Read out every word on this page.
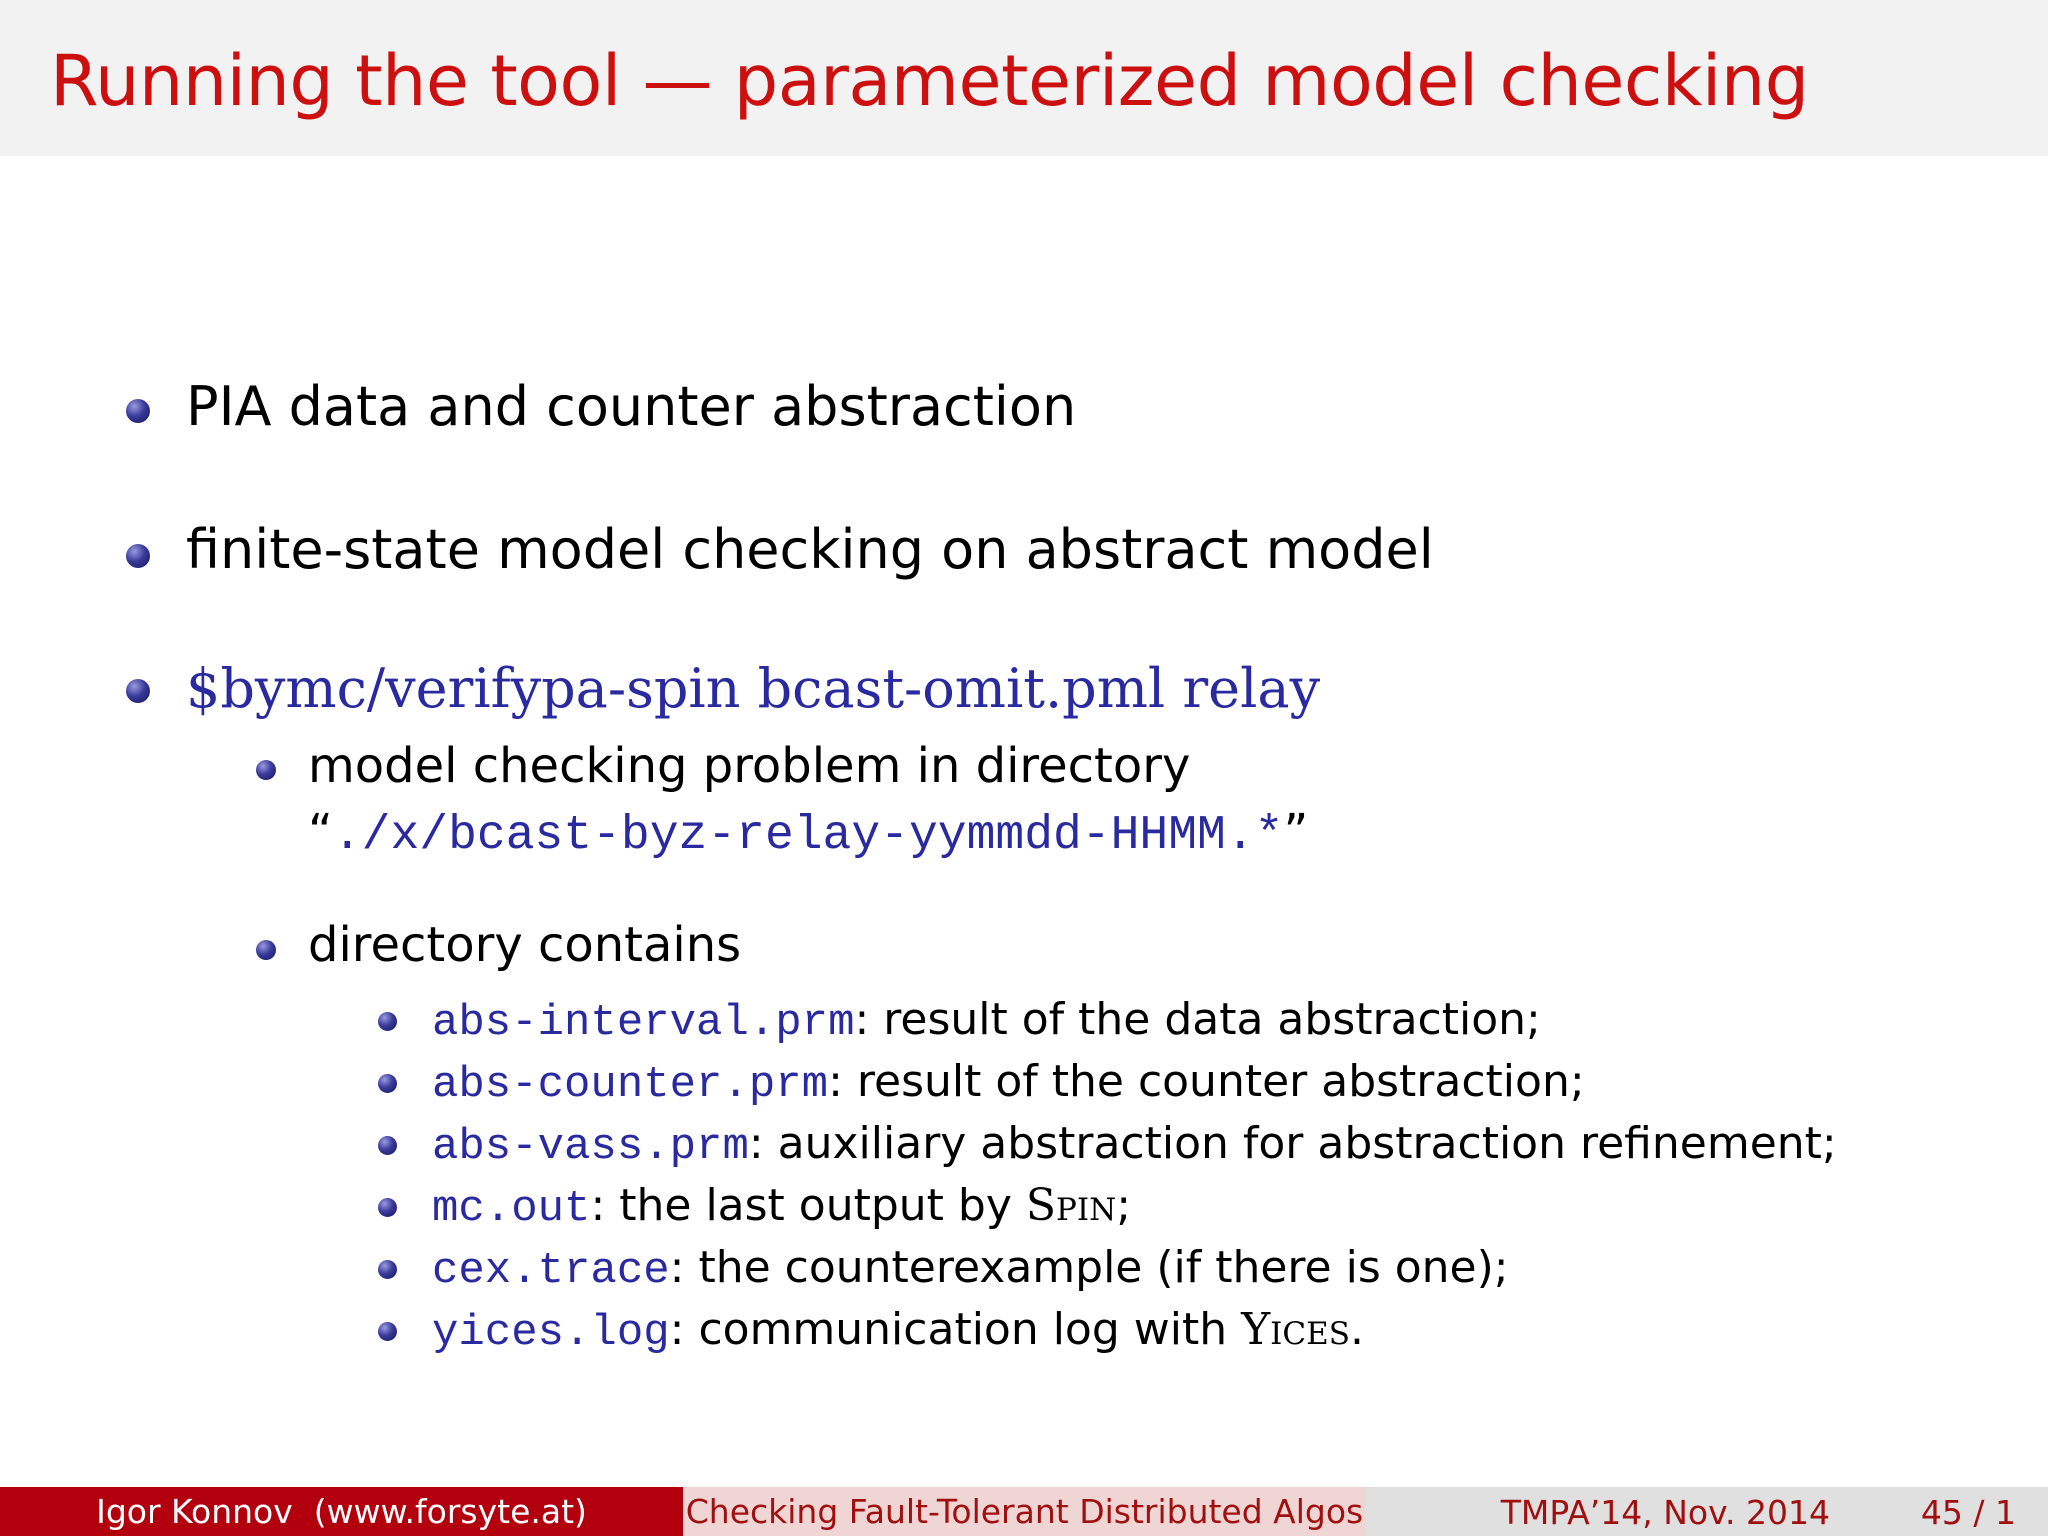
Running the tool — parameterized model checking
PIA data and counter abstraction
finite-state model checking on abstract model
$bymc/verifypa-spin bcast-omit.pml relay
model checking problem in directory
“./x/bcast-byz-relay-yymmdd-HHMM.*”
directory contains
abs-interval.prm: result of the data abstraction;
abs-counter.prm: result of the counter abstraction;
abs-vass.prm: auxiliary abstraction for abstraction refinement;
mc.out: the last output by Spin;
cex.trace: the counterexample (if there is one);
yices.log: communication log with Yices.
Igor Konnov  (www.forsyte.at)	Checking Fault-Tolerant Distributed Algos	TMPA’14, Nov. 2014	45 / 1
